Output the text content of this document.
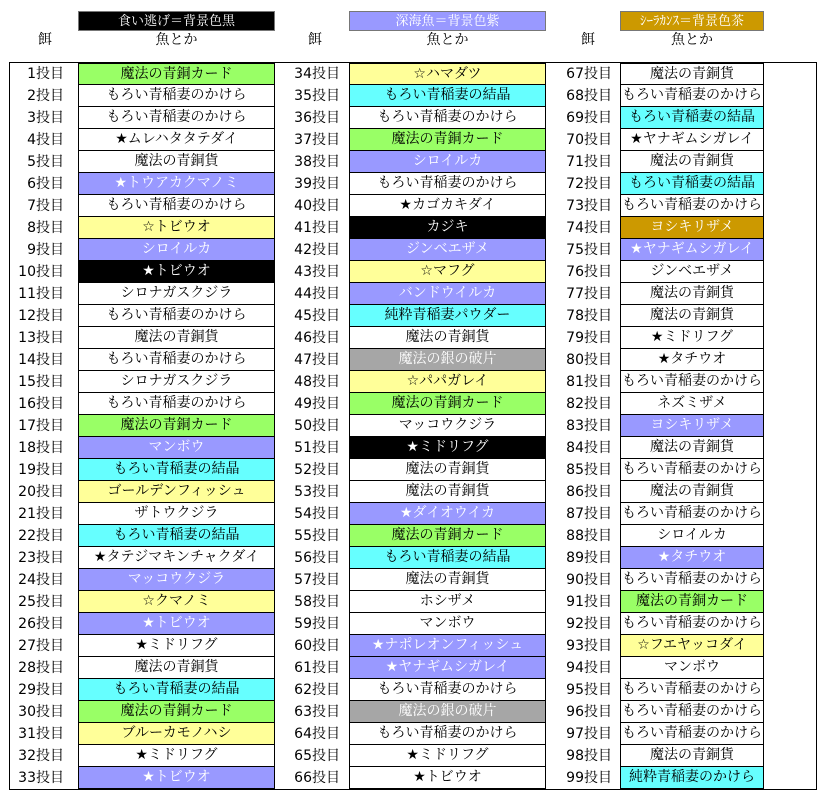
食い逃げ＝背景色黒	深海魚＝背景色紫	ｼｰﾗｶﾝｽ＝背景色茶
餌	魚とか	餌	魚とか	餌	魚とか
1投目	魔法の青銅カード
2投目	もろい青稲妻のかけら
3投目	もろい青稲妻のかけら
4投目	★ムレハタタテダイ
5投目	魔法の青銅貨
6投目	★トウアカクマノミ
7投目	もろい青稲妻のかけら
8投目	☆トビウオ
9投目	シロイルカ
10投目	★トビウオ
11投目	シロナガスクジラ
12投目	もろい青稲妻のかけら
13投目	魔法の青銅貨
14投目	もろい青稲妻のかけら
15投目	シロナガスクジラ
16投目	もろい青稲妻のかけら
17投目	魔法の青銅カード
18投目	マンボウ
19投目	もろい青稲妻の結晶
20投目	ゴールデンフィッシュ
21投目	ザトウクジラ
22投目	もろい青稲妻の結晶
23投目	★タテジマキンチャクダイ
24投目	マッコウクジラ
25投目	☆クマノミ
26投目	★トビウオ
27投目	★ミドリフグ
28投目	魔法の青銅貨
29投目	もろい青稲妻の結晶
30投目	魔法の青銅カード
31投目	ブルーカモノハシ
32投目	★ミドリフグ
33投目	★トビウオ
34投目	☆ハマダツ
35投目	もろい青稲妻の結晶
36投目	もろい青稲妻のかけら
37投目	魔法の青銅カード
38投目	シロイルカ
39投目	もろい青稲妻のかけら
40投目	★カゴカキダイ
41投目	カジキ
42投目	ジンベエザメ
43投目	☆マフグ
44投目	バンドウイルカ
45投目	純粋青稲妻パウダー
46投目	魔法の青銅貨
47投目	魔法の銀の破片
48投目	☆パパガレイ
49投目	魔法の青銅カード
50投目	マッコウクジラ
51投目	★ミドリフグ
52投目	魔法の青銅貨
53投目	魔法の青銅貨
54投目	★ダイオウイカ
55投目	魔法の青銅カード
56投目	もろい青稲妻の結晶
57投目	魔法の青銅貨
58投目	ホシザメ
59投目	マンボウ
60投目	★ナポレオンフィッシュ
61投目	★ヤナギムシガレイ
62投目	もろい青稲妻のかけら
63投目	魔法の銀の破片
64投目	もろい青稲妻のかけら
65投目	★ミドリフグ
66投目	★トビウオ
67投目	魔法の青銅貨
68投目 もろい青稲妻のかけら
69投目	もろい青稲妻の結晶
70投目	★ヤナギムシガレイ
71投目	魔法の青銅貨
72投目	もろい青稲妻の結晶
73投目 もろい青稲妻のかけら
74投目	ヨシキリザメ
75投目	★ヤナギムシガレイ
76投目	ジンベエザメ
77投目	魔法の青銅貨
78投目	魔法の青銅貨
79投目	★ミドリフグ
80投目	★タチウオ
81投目 もろい青稲妻のかけら
82投目	ネズミザメ
83投目	ヨシキリザメ
84投目	魔法の青銅貨
85投目 もろい青稲妻のかけら
86投目	魔法の青銅貨
87投目 もろい青稲妻のかけら
88投目	シロイルカ
89投目	★タチウオ
90投目 もろい青稲妻のかけら
91投目	魔法の青銅カード
92投目 もろい青稲妻のかけら
93投目	☆フエヤッコダイ
94投目	マンボウ
95投目 もろい青稲妻のかけら
96投目 もろい青稲妻のかけら
97投目 もろい青稲妻のかけら
98投目	魔法の青銅貨
99投目	純粋青稲妻のかけら
